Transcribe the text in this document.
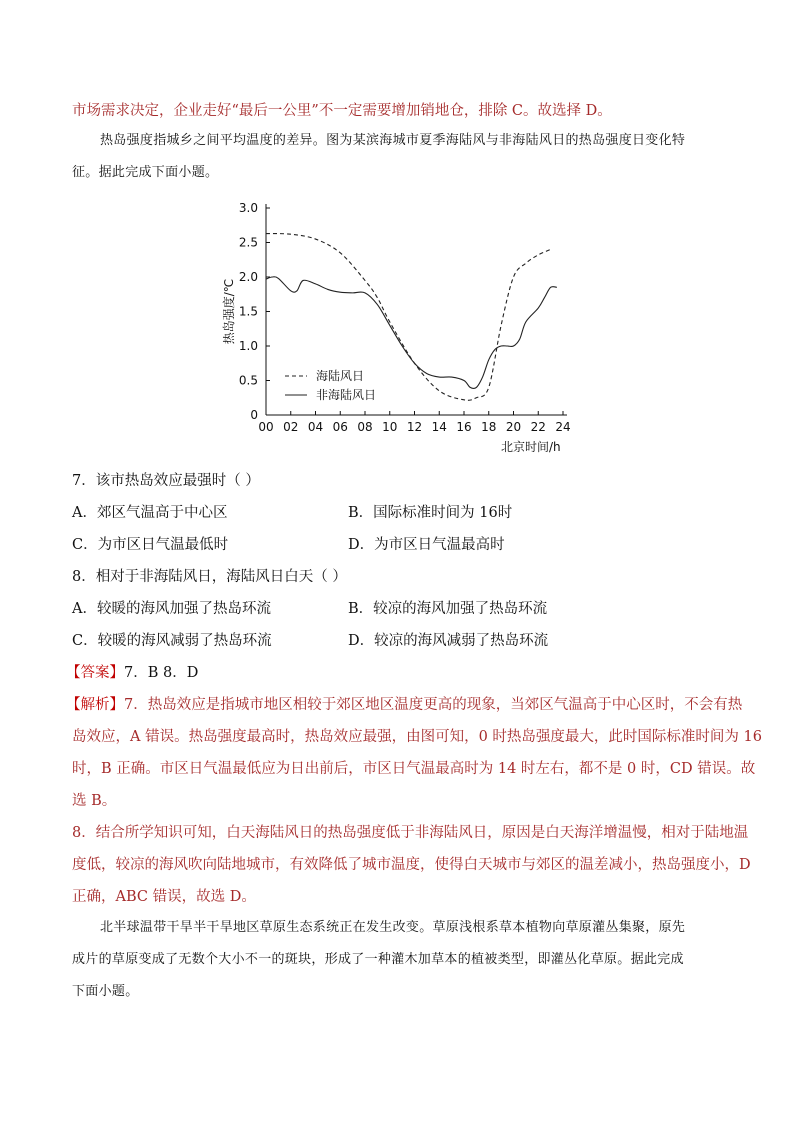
市场需求决定，企业走好“最后一公里”不一定需要增加销地仓，排除 C。故选择 D。
热岛强度指城乡之间平均温度的差异。图为某滨海城市夏季海陆风与非海陆风日的热岛强度日变化特
征。据此完成下面小题。
0
0.5
1.0
1.5
2.0
2.5
3.0
00 02 04 06 08 10 12 14 16 18 20 22 24
热岛强度/℃
北京时间/h
海陆风日
非海陆风日
7．该市热岛效应最强时（ ）
A．郊区气温高于中心区	B．国际标准时间为 16时
C．为市区日气温最低时	D．为市区日气温最高时
8．相对于非海陆风日，海陆风日白天（ ）
A．较暖的海风加强了热岛环流	B．较凉的海风加强了热岛环流
C．较暖的海风减弱了热岛环流	D．较凉的海风减弱了热岛环流
【答案】7．B 8．D
【解析】7．热岛效应是指城市地区相较于郊区地区温度更高的现象，当郊区气温高于中心区时，不会有热
岛效应，A 错误。热岛强度最高时，热岛效应最强，由图可知，0 时热岛强度最大，此时国际标准时间为 16
时，B 正确。市区日气温最低应为日出前后，市区日气温最高时为 14 时左右，都不是 0 时，CD 错误。故
选 B。
8．结合所学知识可知，白天海陆风日的热岛强度低于非海陆风日，原因是白天海洋增温慢，相对于陆地温
度低，较凉的海风吹向陆地城市，有效降低了城市温度，使得白天城市与郊区的温差减小，热岛强度小，D
正确，ABC 错误，故选 D。
北半球温带干旱半干旱地区草原生态系统正在发生改变。草原浅根系草本植物向草原灌丛集聚，原先
成片的草原变成了无数个大小不一的斑块，形成了一种灌木加草本的植被类型，即灌丛化草原。据此完成
下面小题。
